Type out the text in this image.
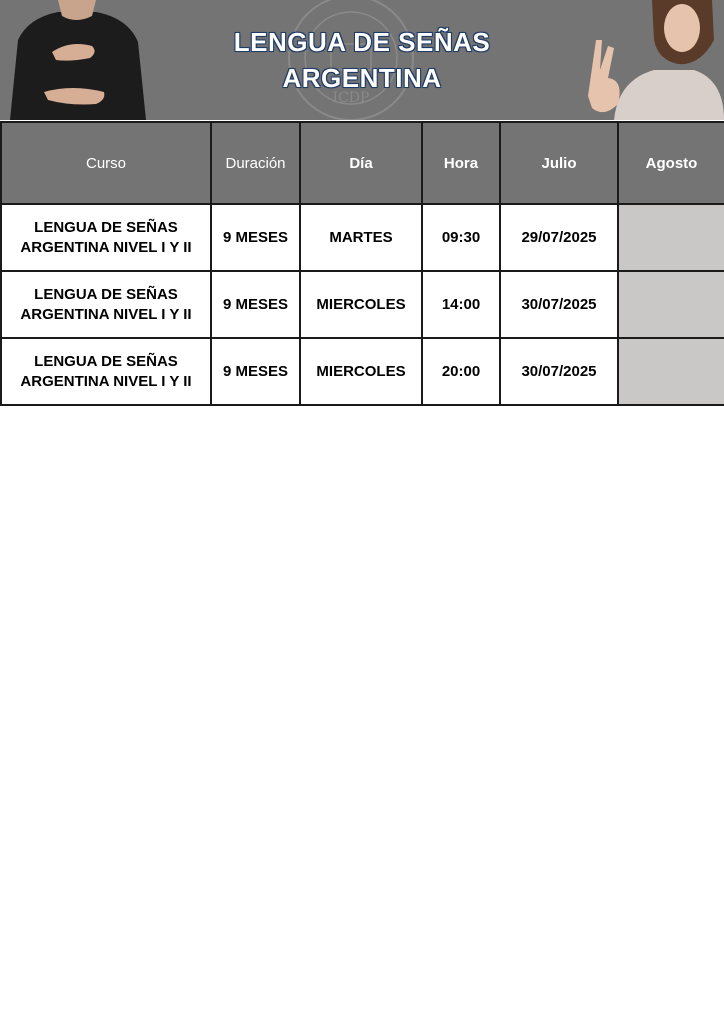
ICDP
LENGUA DE SEÑAS
ARGENTINA
Curso	Duración	Día	Hora	Julio	Agosto
LENGUA DE SEÑAS ARGENTINA NIVEL I Y II	9 MESES	MARTES	09:30	29/07/2025	
LENGUA DE SEÑAS ARGENTINA NIVEL I Y II	9 MESES	MIERCOLES	14:00	30/07/2025	
LENGUA DE SEÑAS ARGENTINA NIVEL I Y II	9 MESES	MIERCOLES	20:00	30/07/2025	
